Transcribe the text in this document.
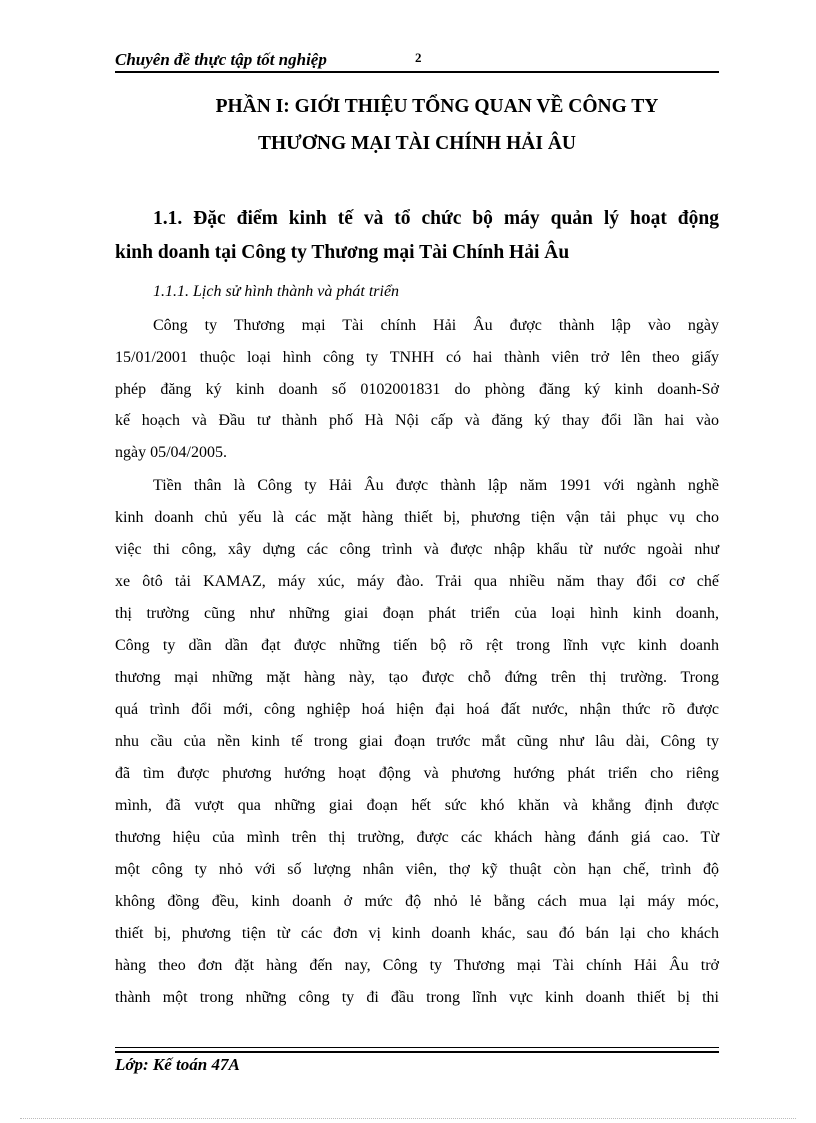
Chuyên đề thực tập tốt nghiệp	2
PHẦN I: GIỚI THIỆU TỔNG QUAN VỀ CÔNG TY
THƯƠNG MẠI TÀI CHÍNH HẢI ÂU
1.1. Đặc điểm kinh tế và tổ chức bộ máy quản lý hoạt động
kinh doanh tại Công ty Thương mại Tài Chính Hải Âu
1.1.1. Lịch sử hình thành và phát triển
Công ty Thương mại Tài chính Hải Âu được thành lập vào ngày
15/01/2001 thuộc loại hình công ty TNHH có hai thành viên trở lên theo giấy
phép đăng ký kinh doanh số 0102001831 do phòng đăng ký kinh doanh-Sở
kế hoạch và Đầu tư thành phố Hà Nội cấp và đăng ký thay đổi lần hai vào
ngày 05/04/2005.
Tiền thân là Công ty Hải Âu được thành lập năm 1991 với ngành nghề
kinh doanh chủ yếu là các mặt hàng thiết bị, phương tiện vận tải phục vụ cho
việc thi công, xây dựng các công trình và được nhập khẩu từ nước ngoài như
xe ôtô tải KAMAZ, máy xúc, máy đào. Trải qua nhiều năm thay đổi cơ chế
thị trường cũng như những giai đoạn phát triển của loại hình kinh doanh,
Công ty dần dần đạt được những tiến bộ rõ rệt trong lĩnh vực kinh doanh
thương mại những mặt hàng này, tạo được chỗ đứng trên thị trường. Trong
quá trình đổi mới, công nghiệp hoá hiện đại hoá đất nước, nhận thức rõ được
nhu cầu của nền kinh tế trong giai đoạn trước mắt cũng như lâu dài, Công ty
đã tìm được phương hướng hoạt động và phương hướng phát triển cho riêng
mình, đã vượt qua những giai đoạn hết sức khó khăn và khẳng định được
thương hiệu của mình trên thị trường, được các khách hàng đánh giá cao. Từ
một công ty nhỏ với số lượng nhân viên, thợ kỹ thuật còn hạn chế, trình độ
không đồng đều, kinh doanh ở mức độ nhỏ lẻ bằng cách mua lại máy móc,
thiết bị, phương tiện từ các đơn vị kinh doanh khác, sau đó bán lại cho khách
hàng theo đơn đặt hàng đến nay, Công ty Thương mại Tài chính Hải Âu trở
thành một trong những công ty đi đầu trong lĩnh vực kinh doanh thiết bị thi
Lớp: Kế toán 47A
